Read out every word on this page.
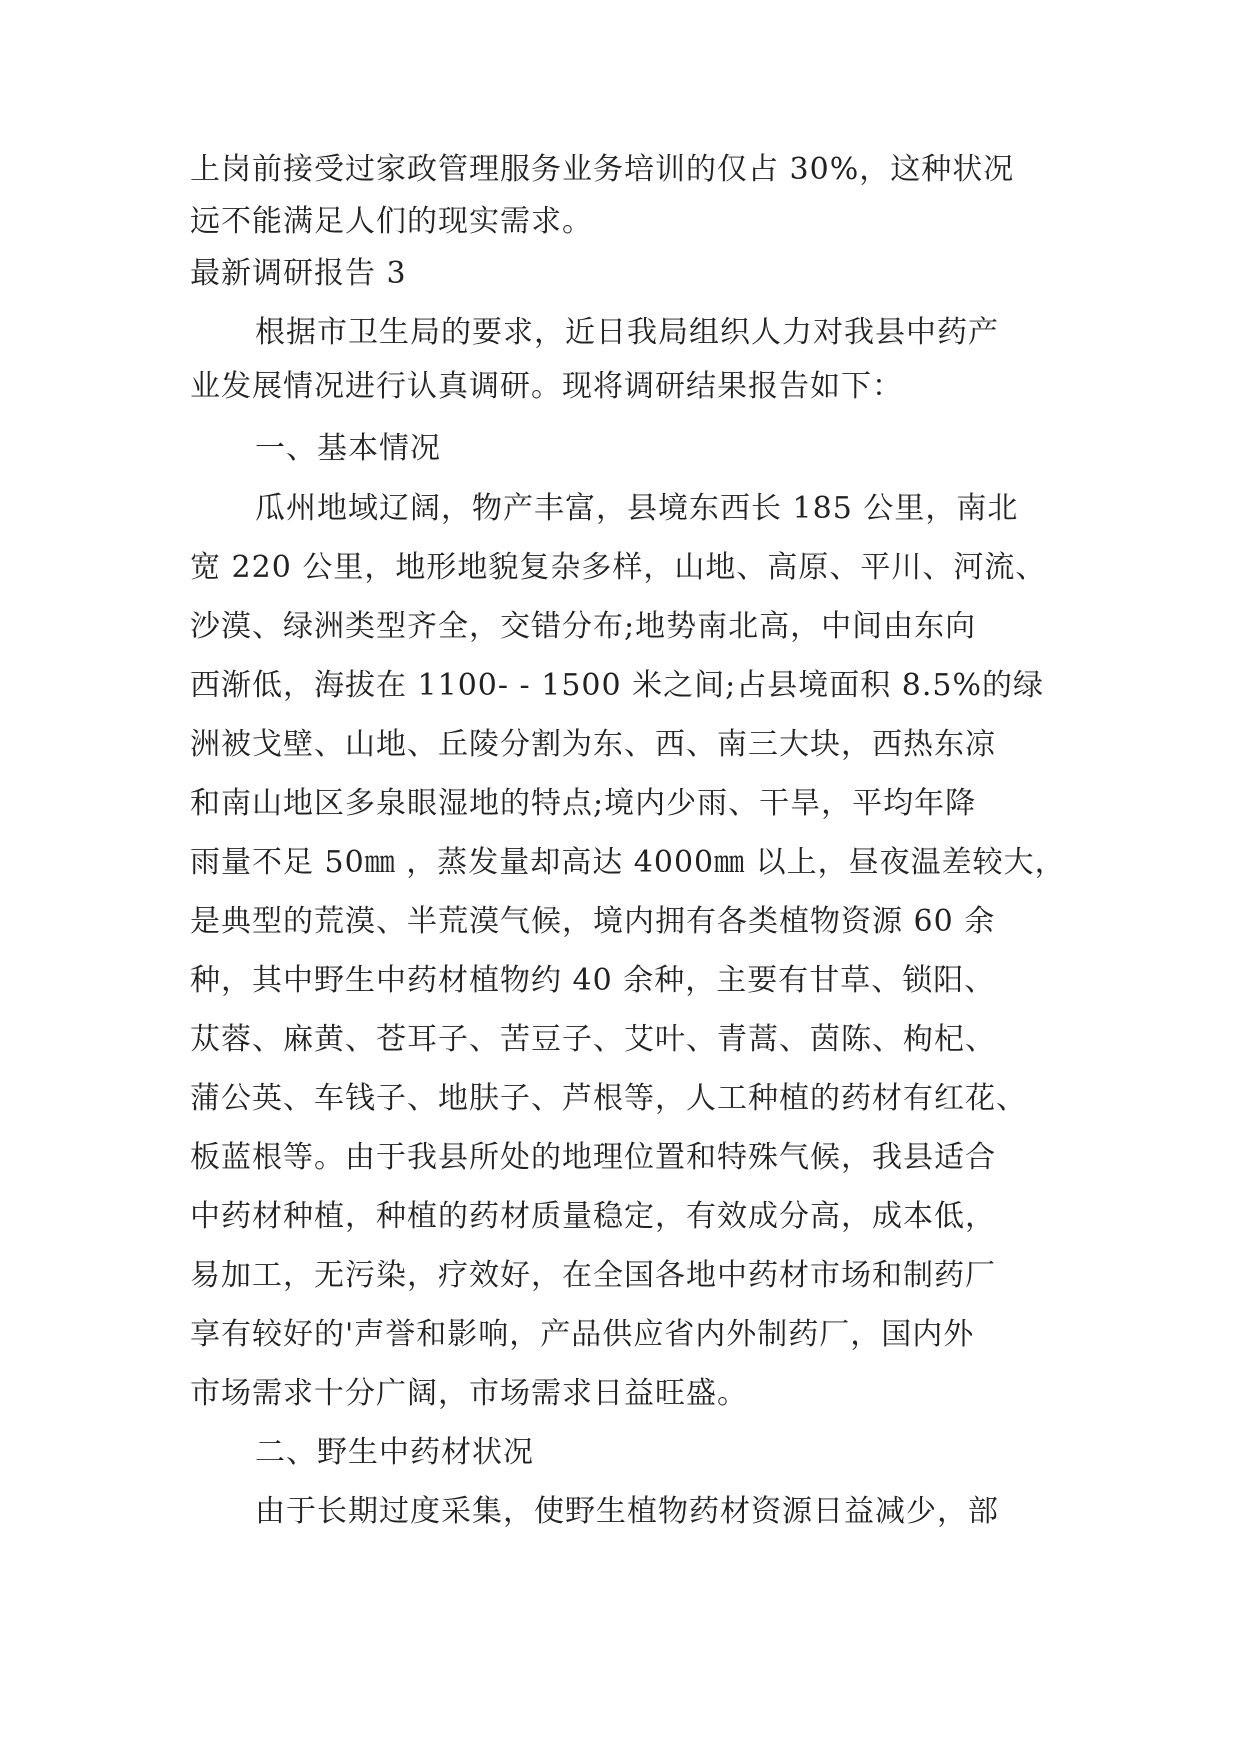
上岗前接受过家政管理服务业务培训的仅占 30%，这种状况
远不能满足人们的现实需求。
最新调研报告 3
根据市卫生局的要求，近日我局组织人力对我县中药产
业发展情况进行认真调研。现将调研结果报告如下：
一、基本情况
瓜州地域辽阔，物产丰富，县境东西长 185 公里，南北
宽 220 公里，地形地貌复杂多样，山地、高原、平川、河流、
沙漠、绿洲类型齐全，交错分布;地势南北高，中间由东向
西渐低，海拔在 1100- - 1500 米之间;占县境面积 8.5%的绿
洲被戈壁、山地、丘陵分割为东、西、南三大块，西热东凉
和南山地区多泉眼湿地的特点;境内少雨、干旱，平均年降
雨量不足 50㎜ ，蒸发量却高达 4000㎜ 以上，昼夜温差较大，
是典型的荒漠、半荒漠气候，境内拥有各类植物资源 60 余
种，其中野生中药材植物约 40 余种，主要有甘草、锁阳、
苁蓉、麻黄、苍耳子、苦豆子、艾叶、青蒿、茵陈、枸杞、
蒲公英、车钱子、地肤子、芦根等，人工种植的药材有红花、
板蓝根等。由于我县所处的地理位置和特殊气候，我县适合
中药材种植，种植的药材质量稳定，有效成分高，成本低，
易加工，无污染，疗效好，在全国各地中药材市场和制药厂
享有较好的'声誉和影响，产品供应省内外制药厂，国内外
市场需求十分广阔，市场需求日益旺盛。
二、野生中药材状况
由于长期过度采集，使野生植物药材资源日益减少，部
